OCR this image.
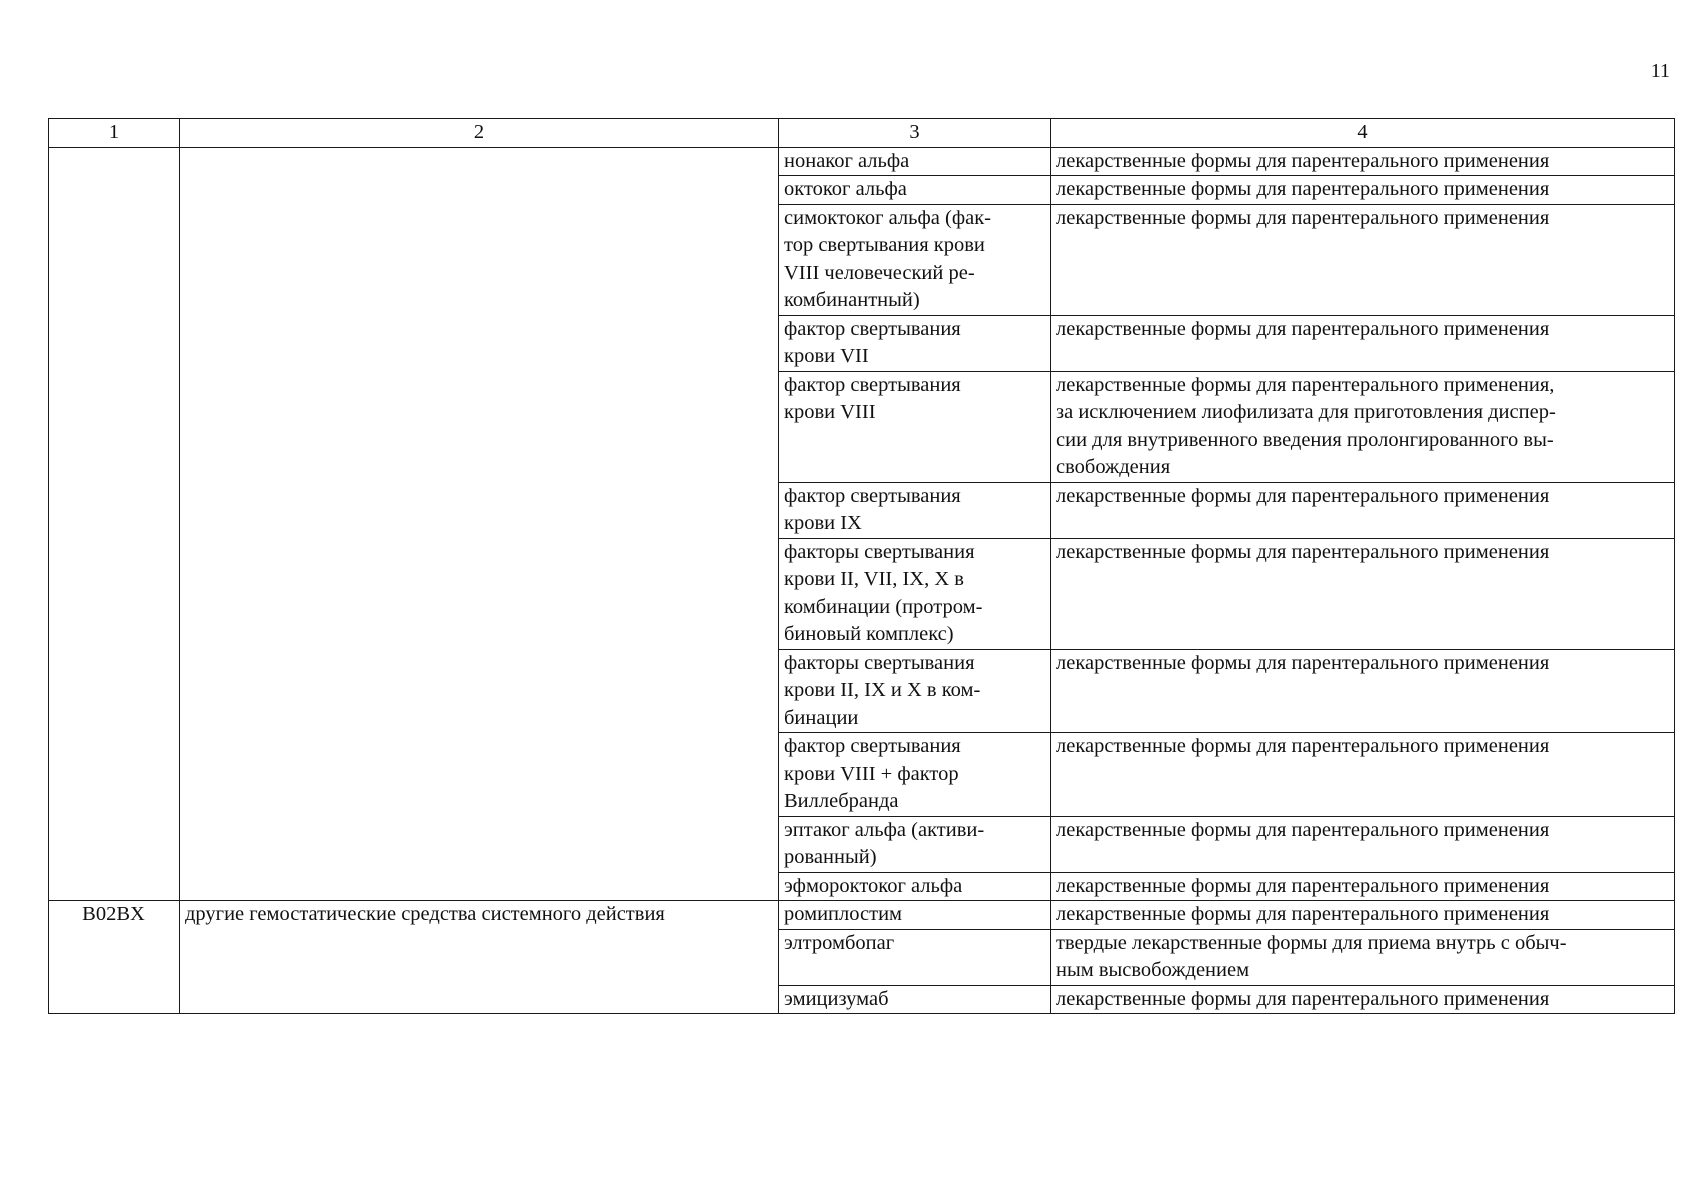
11
1	2	3	4
		нонаког альфа	лекарственные формы для парентерального применения
		октоког альфа	лекарственные формы для парентерального применения
		симоктоког альфа (фак-
тор свертывания крови
VIII человеческий ре-
комбинантный)	лекарственные формы для парентерального применения
		фактор свертывания
крови VII	лекарственные формы для парентерального применения
		фактор свертывания
крови VIII	лекарственные формы для парентерального применения,
за исключением лиофилизата для приготовления диспер-
сии для внутривенного введения пролонгированного вы-
свобождения
		фактор свертывания
крови IX	лекарственные формы для парентерального применения
		факторы свертывания
крови II, VII, IX, X в
комбинации (протром-
биновый комплекс)	лекарственные формы для парентерального применения
		факторы свертывания
крови II, IX и X в ком-
бинации	лекарственные формы для парентерального применения
		фактор свертывания
крови VIII + фактор
Виллебранда	лекарственные формы для парентерального применения
		эптаког альфа (активи-
рованный)	лекарственные формы для парентерального применения
		эфмороктоког альфа	лекарственные формы для парентерального применения
B02BX	другие гемостатические средства системного действия	ромиплостим	лекарственные формы для парентерального применения
		элтромбопаг	твердые лекарственные формы для приема внутрь с обыч-
ным высвобождением
		эмицизумаб	лекарственные формы для парентерального применения
